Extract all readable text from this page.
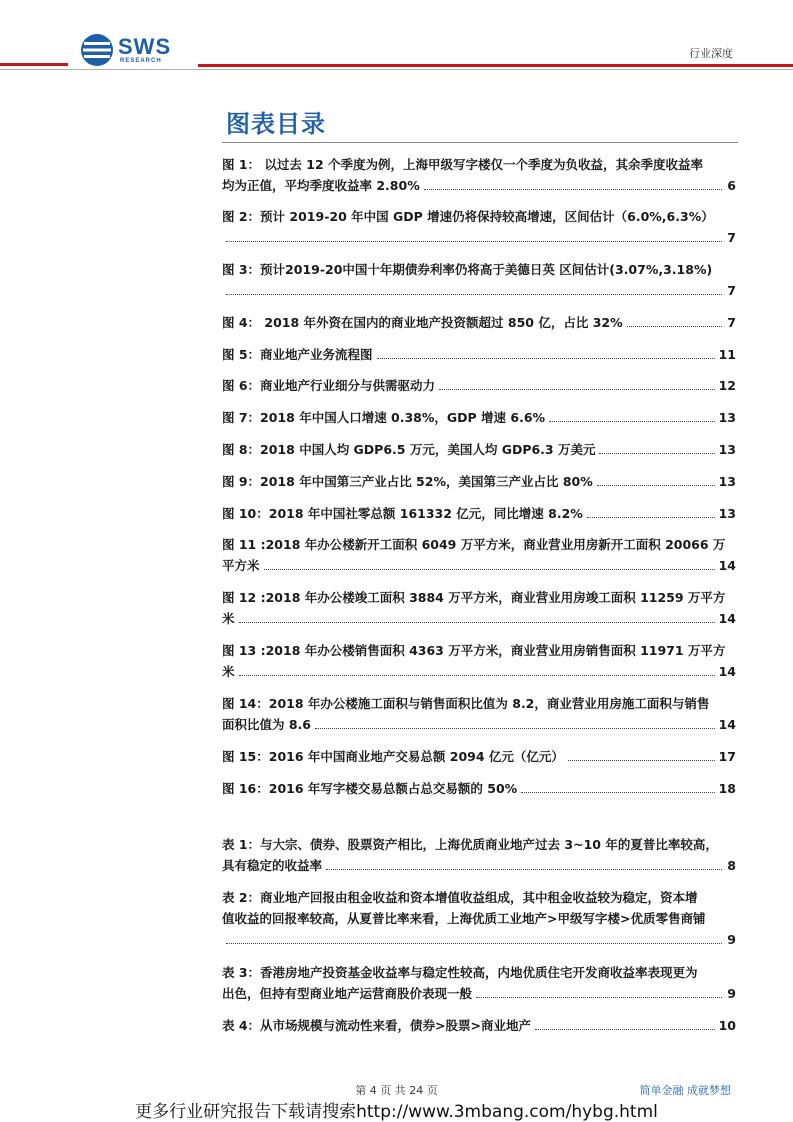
SWS
RESEARCH
行业深度
图表目录
图 1： 以过去 12 个季度为例，上海甲级写字楼仅一个季度为负收益，其余季度收益率
均为正值，平均季度收益率 2.80%	6
图 2：预计 2019-20 年中国 GDP 增速仍将保持较高增速，区间估计（6.0%,6.3%）
7
图 3：预计2019-20中国十年期债券利率仍将高于美德日英 区间估计(3.07%,3.18%)
7
图 4： 2018 年外资在国内的商业地产投资额超过 850 亿，占比 32%	7
图 5：商业地产业务流程图	11
图 6：商业地产行业细分与供需驱动力	12
图 7：2018 年中国人口增速 0.38%，GDP 增速 6.6%	13
图 8：2018 中国人均 GDP6.5 万元，美国人均 GDP6.3 万美元	13
图 9：2018 年中国第三产业占比 52%，美国第三产业占比 80%	13
图 10：2018 年中国社零总额 161332 亿元，同比增速 8.2%	13
图 11 :2018 年办公楼新开工面积 6049 万平方米，商业营业用房新开工面积 20066 万
平方米	14
图 12 :2018 年办公楼竣工面积 3884 万平方米，商业营业用房竣工面积 11259 万平方
米	14
图 13 :2018 年办公楼销售面积 4363 万平方米，商业营业用房销售面积 11971 万平方
米	14
图 14：2018 年办公楼施工面积与销售面积比值为 8.2，商业营业用房施工面积与销售
面积比值为 8.6	14
图 15：2016 年中国商业地产交易总额 2094 亿元（亿元）	17
图 16：2016 年写字楼交易总额占总交易额的 50%	18
表 1：与大宗、债券、股票资产相比，上海优质商业地产过去 3~10 年的夏普比率较高，
具有稳定的收益率	8
表 2：商业地产回报由租金收益和资本增值收益组成，其中租金收益较为稳定，资本增
值收益的回报率较高，从夏普比率来看，上海优质工业地产>甲级写字楼>优质零售商铺
9
表 3：香港房地产投资基金收益率与稳定性较高，内地优质住宅开发商收益率表现更为
出色，但持有型商业地产运营商股价表现一般	9
表 4：从市场规模与流动性来看，债券>股票>商业地产	10
第 4 页 共 24 页	简单金融 成就梦想
更多行业研究报告下载请搜索http://www.3mbang.com/hybg.html
